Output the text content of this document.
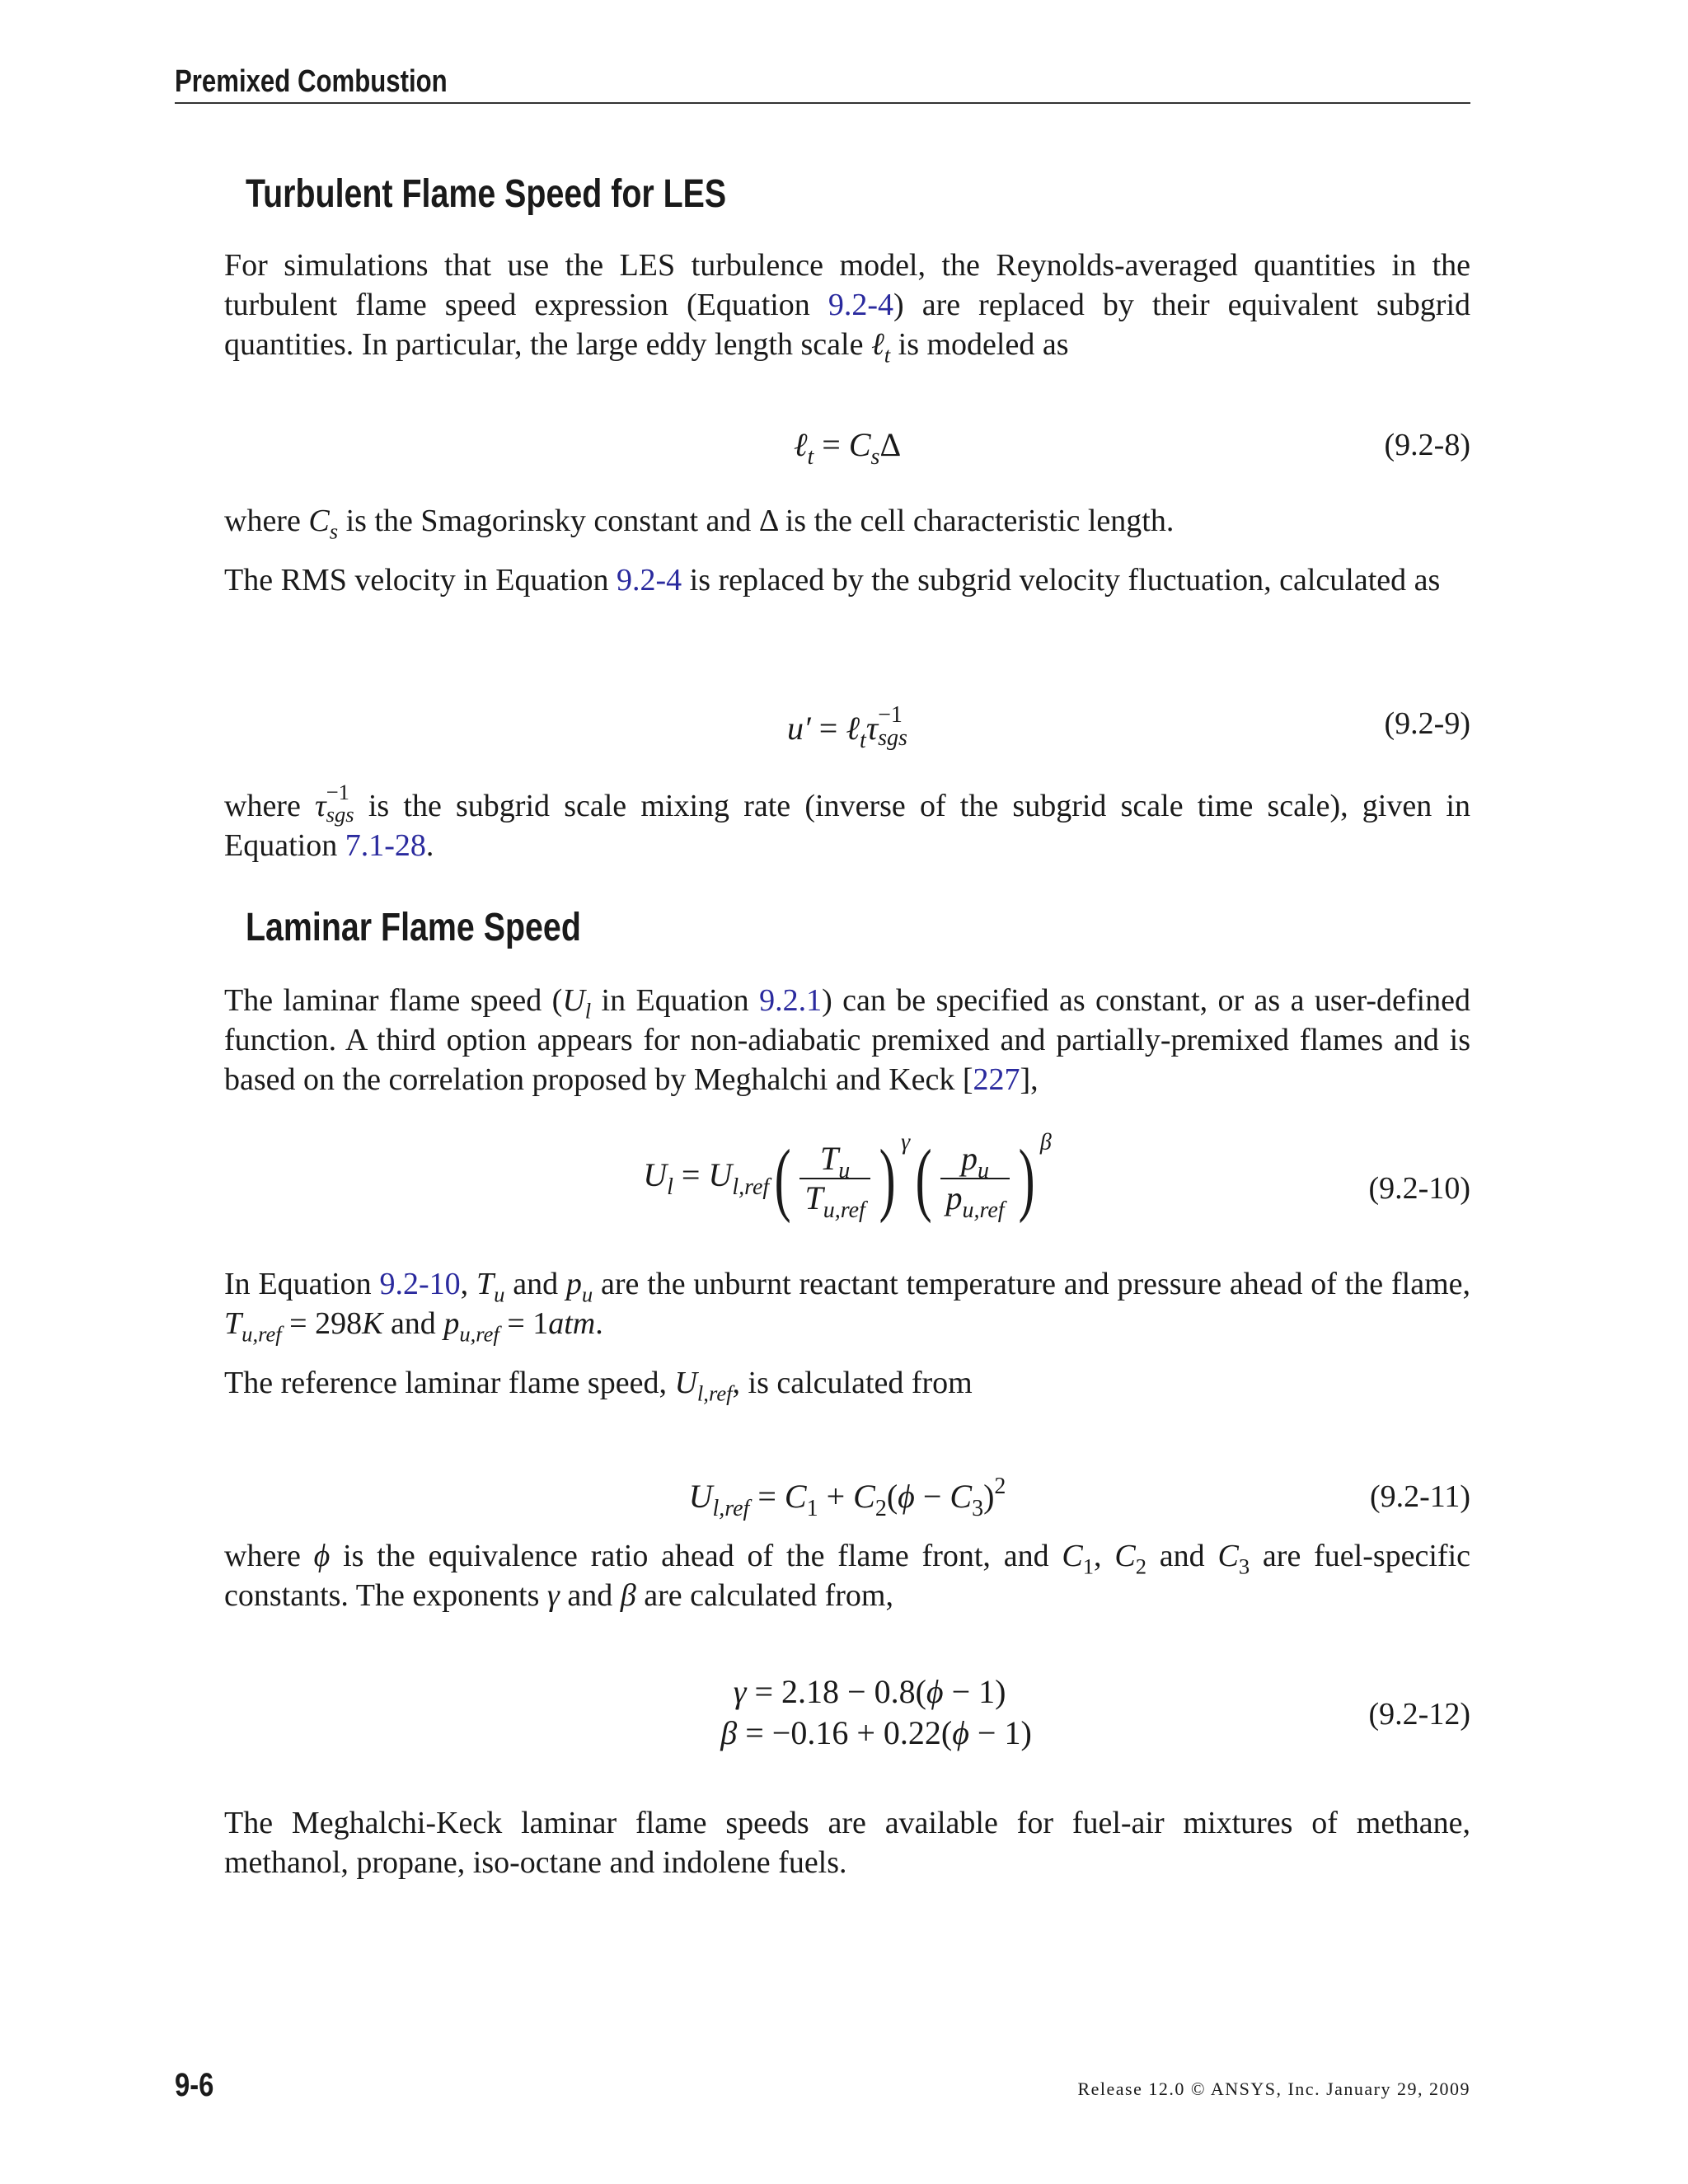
Premixed Combustion
Turbulent Flame Speed for LES
For simulations that use the LES turbulence model, the Reynolds-averaged quantities in the turbulent flame speed expression (Equation 9.2-4) are replaced by their equivalent subgrid quantities. In particular, the large eddy length scale ℓ$_t$ is modeled as
ℓ$_t$ = $C_s\Delta$	(9.2-8)
where $C_s$ is the Smagorinsky constant and Δ is the cell characteristic length.
The RMS velocity in Equation 9.2-4 is replaced by the subgrid velocity fluctuation, calculated as
u′ = ℓ$_t$τ −1
sgs	(9.2-9)
where τ −1
sgs is the subgrid scale mixing rate (inverse of the subgrid scale time scale), given in Equation 7.1-28.
Laminar Flame Speed
The laminar flame speed ($U_l$ in Equation 9.2.1) can be specified as constant, or as a user-defined function. A third option appears for non-adiabatic premixed and partially-premixed flames and is based on the correlation proposed by Meghalchi and Keck [227],
$U_l = U_{l,ref}( \frac{T_u}{T_{u,ref}}$ ) $^\gamma( \frac{p_u}{p_{u,ref}}$ ) $^\beta$
(9.2-10)
In Equation 9.2-10, $T_u$ and $p_u$ are the unburnt reactant temperature and pressure ahead of the flame, $T_{u,ref} = 298K$ and $p_{u,ref} = 1atm$.
The reference laminar flame speed, $U_{l,ref}$, is calculated from
$U_{l,ref} = C_1 + C_2(\phi - C_3)^2$	(9.2-11)
where ϕ is the equivalence ratio ahead of the flame front, and $C_1$, $C_2$ and $C_3$ are fuel-specific constants. The exponents γ and β are calculated from,
γ = 2.18 − 0.8(ϕ − 1)
β = −0.16 + 0.22(ϕ − 1)	(9.2-12)
The Meghalchi-Keck laminar flame speeds are available for fuel-air mixtures of methane, methanol, propane, iso-octane and indolene fuels.
9-6	Release 12.0 © ANSYS, Inc. January 29, 2009
